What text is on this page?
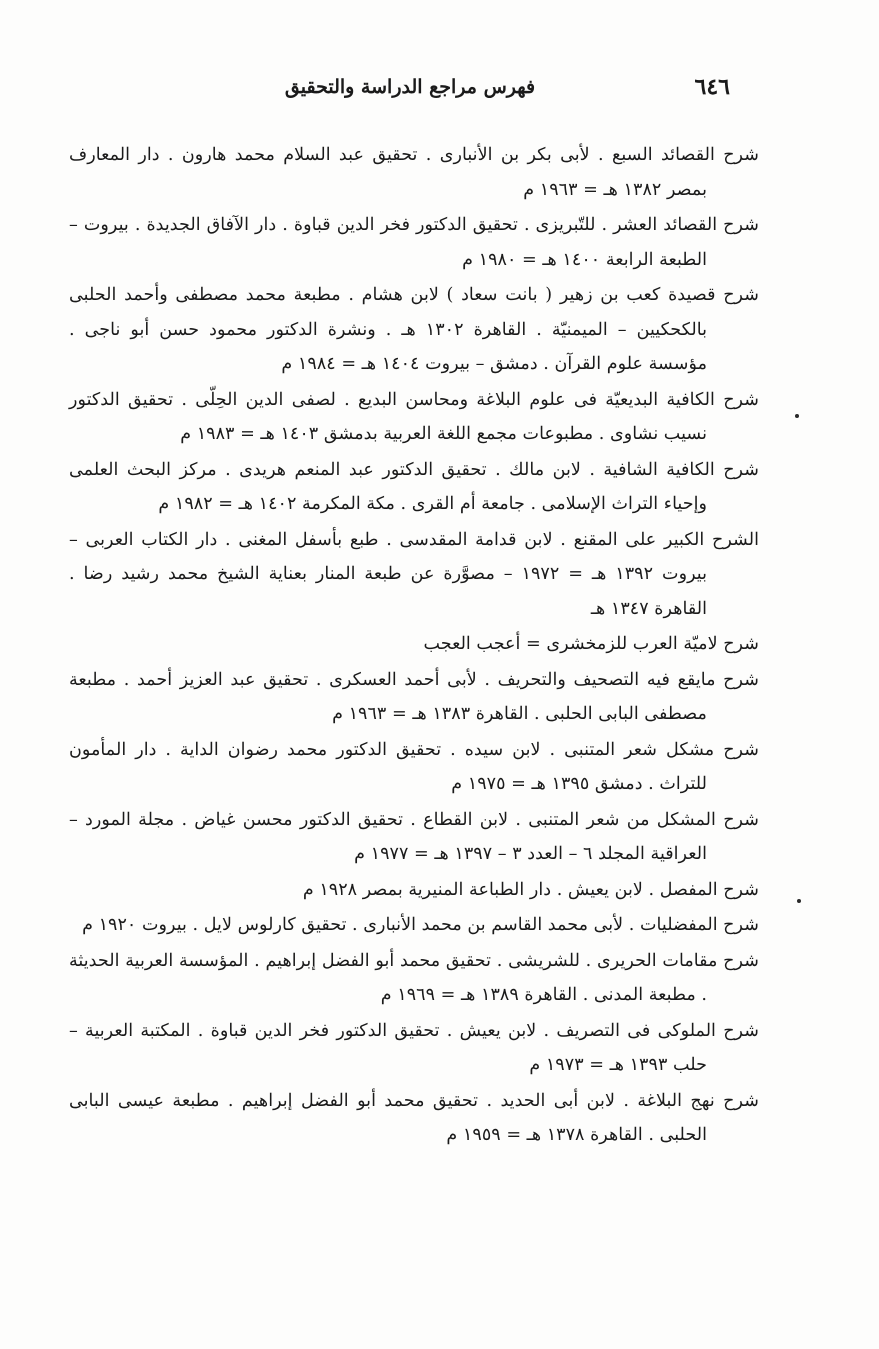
٦٤٦
فهرس مراجع الدراسة والتحقيق

شرح القصائد السبع . لأبى بكر بن الأنبارى . تحقيق عبد السلام محمد هارون . دار المعارف بمصر ١٣٨٢ هـ = ١٩٦٣ م

شرح القصائد العشر . للتّبريزى . تحقيق الدكتور فخر الدين قباوة . دار الآفاق الجديدة . بيروت – الطبعة الرابعة ١٤٠٠ هـ = ١٩٨٠ م

شرح قصيدة كعب بن زهير ( بانت سعاد ) لابن هشام . مطبعة محمد مصطفى وأحمد الحلبى بالكحكيين – الميمنيّة . القاهرة ١٣٠٢ هـ . ونشرة الدكتور محمود حسن أبو ناجى . مؤسسة علوم القرآن . دمشق – بيروت ١٤٠٤ هـ = ١٩٨٤ م

شرح الكافية البديعيّة فى علوم البلاغة ومحاسن البديع . لصفى الدين الحِلّى . تحقيق الدكتور نسيب نشاوى . مطبوعات مجمع اللغة العربية بدمشق ١٤٠٣ هـ = ١٩٨٣ م

شرح الكافية الشافية . لابن مالك . تحقيق الدكتور عبد المنعم هريدى . مركز البحث العلمى وإحياء التراث الإسلامى . جامعة أم القرى . مكة المكرمة ١٤٠٢ هـ = ١٩٨٢ م

الشرح الكبير على المقنع . لابن قدامة المقدسى . طبع بأسفل المغنى . دار الكتاب العربى – بيروت ١٣٩٢ هـ = ١٩٧٢ – مصوَّرة عن طبعة المنار بعناية الشيخ محمد رشيد رضا . القاهرة ١٣٤٧ هـ

شرح لاميّة العرب للزمخشرى = أعجب العجب

شرح مايقع فيه التصحيف والتحريف . لأبى أحمد العسكرى . تحقيق عبد العزيز أحمد . مطبعة مصطفى البابى الحلبى . القاهرة ١٣٨٣ هـ = ١٩٦٣ م

شرح مشكل شعر المتنبى . لابن سيده . تحقيق الدكتور محمد رضوان الداية . دار المأمون للتراث . دمشق ١٣٩٥ هـ = ١٩٧٥ م

شرح المشكل من شعر المتنبى . لابن القطاع . تحقيق الدكتور محسن غياض . مجلة المورد – العراقية المجلد ٦ – العدد ٣ – ١٣٩٧ هـ = ١٩٧٧ م

شرح المفصل . لابن يعيش . دار الطباعة المنيرية بمصر ١٩٢٨ م

شرح المفضليات . لأبى محمد القاسم بن محمد الأنبارى . تحقيق كارلوس لايل . بيروت ١٩٢٠ م

شرح مقامات الحريرى . للشريشى . تحقيق محمد أبو الفضل إبراهيم . المؤسسة العربية الحديثة . مطبعة المدنى . القاهرة ١٣٨٩ هـ = ١٩٦٩ م

شرح الملوكى فى التصريف . لابن يعيش . تحقيق الدكتور فخر الدين قباوة . المكتبة العربية – حلب ١٣٩٣ هـ = ١٩٧٣ م

شرح نهج البلاغة . لابن أبى الحديد . تحقيق محمد أبو الفضل إبراهيم . مطبعة عيسى البابى الحلبى . القاهرة ١٣٧٨ هـ = ١٩٥٩ م
